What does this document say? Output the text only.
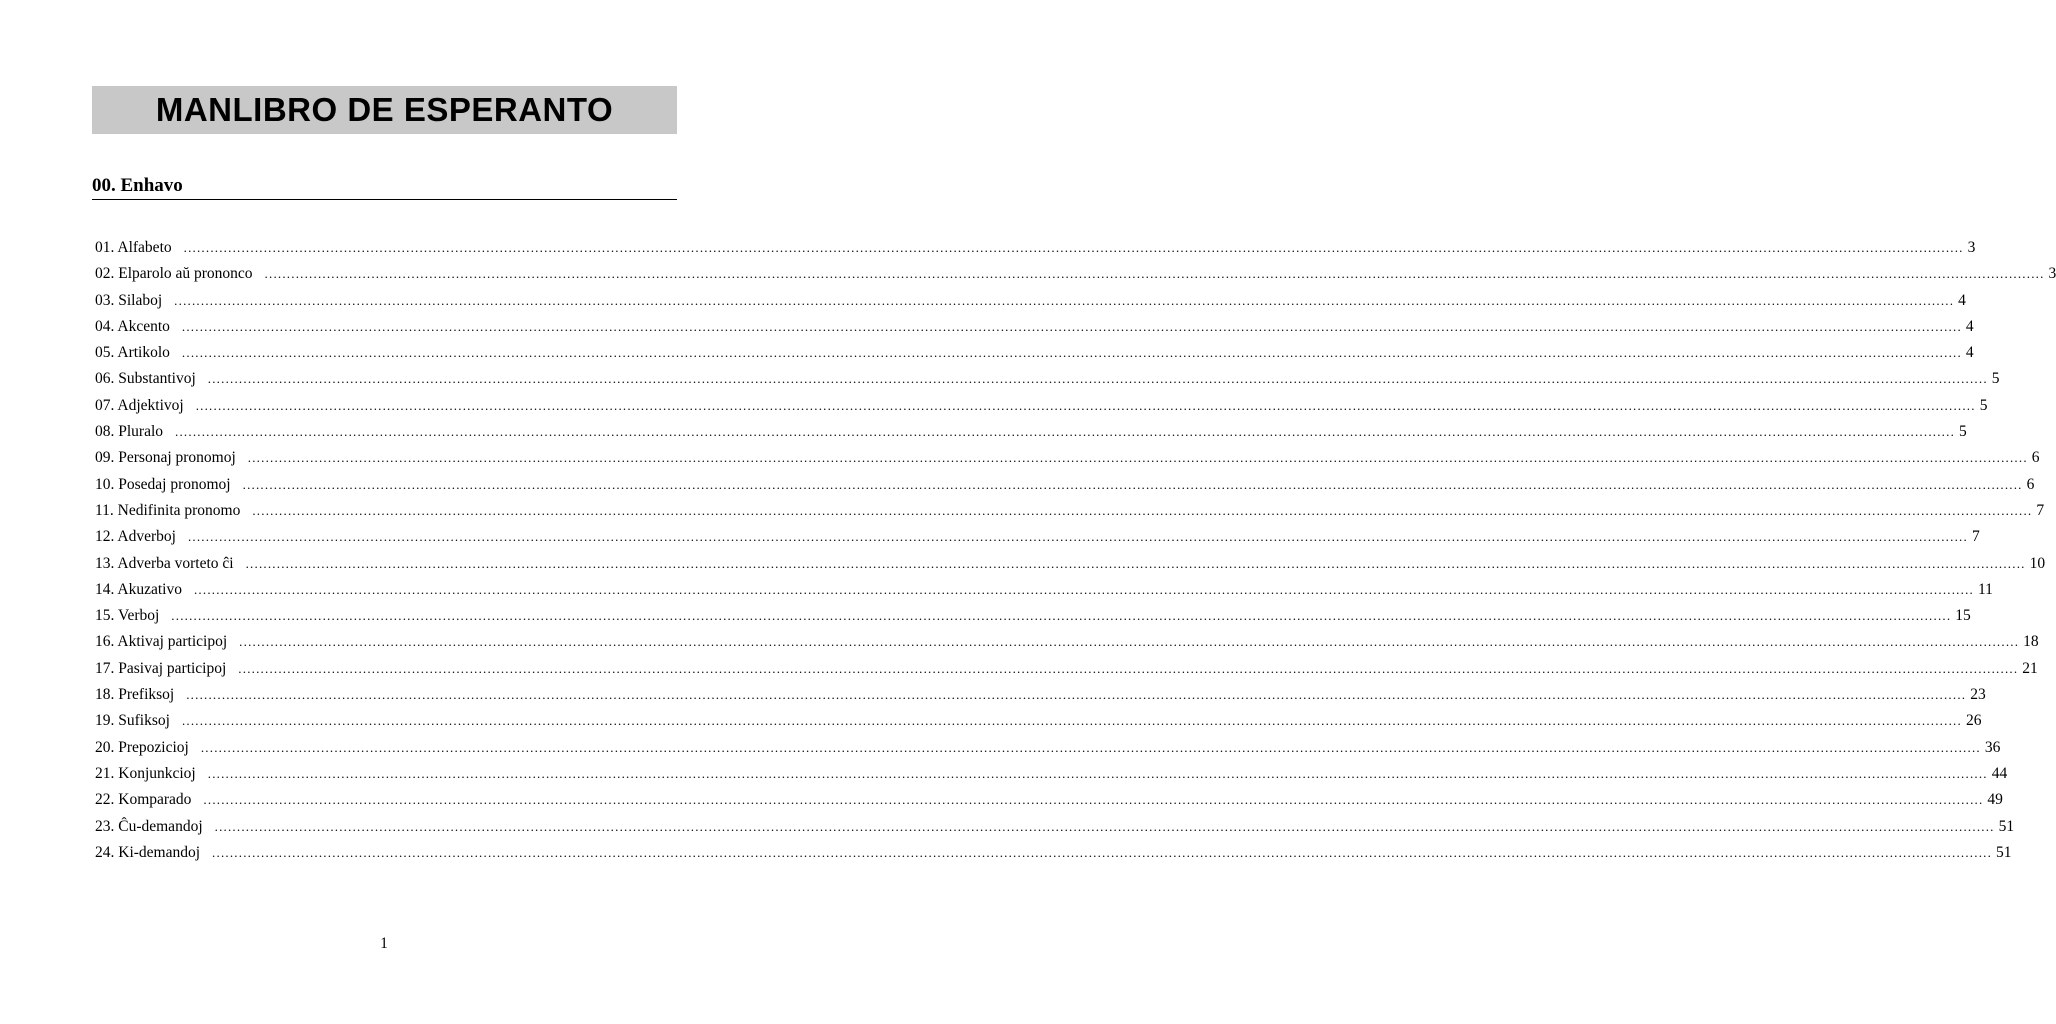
MANLIBRO DE ESPERANTO
00. Enhavo
01. Alfabeto ................................................................................................................................................................................................................................................................................................................................................................................................................ 3
02. Elparolo aŭ prononco ................................................................................................................................................................................................................................................................................................................................................................................................................ 3
03. Silaboj ................................................................................................................................................................................................................................................................................................................................................................................................................ 4
04. Akcento ................................................................................................................................................................................................................................................................................................................................................................................................................ 4
05. Artikolo ................................................................................................................................................................................................................................................................................................................................................................................................................ 4
06. Substantivoj ................................................................................................................................................................................................................................................................................................................................................................................................................ 5
07. Adjektivoj ................................................................................................................................................................................................................................................................................................................................................................................................................ 5
08. Pluralo ................................................................................................................................................................................................................................................................................................................................................................................................................ 5
09. Personaj pronomoj ................................................................................................................................................................................................................................................................................................................................................................................................................ 6
10. Posedaj pronomoj ................................................................................................................................................................................................................................................................................................................................................................................................................ 6
11. Nedifinita pronomo ................................................................................................................................................................................................................................................................................................................................................................................................................ 7
12. Adverboj ................................................................................................................................................................................................................................................................................................................................................................................................................ 7
13. Adverba vorteto ĉi ................................................................................................................................................................................................................................................................................................................................................................................................................ 10
14. Akuzativo ................................................................................................................................................................................................................................................................................................................................................................................................................ 11
15. Verboj ................................................................................................................................................................................................................................................................................................................................................................................................................ 15
16. Aktivaj participoj ................................................................................................................................................................................................................................................................................................................................................................................................................ 18
17. Pasivaj participoj ................................................................................................................................................................................................................................................................................................................................................................................................................ 21
18. Prefiksoj ................................................................................................................................................................................................................................................................................................................................................................................................................ 23
19. Sufiksoj ................................................................................................................................................................................................................................................................................................................................................................................................................ 26
20. Prepozicioj ................................................................................................................................................................................................................................................................................................................................................................................................................ 36
21. Konjunkcioj ................................................................................................................................................................................................................................................................................................................................................................................................................ 44
22. Komparado ................................................................................................................................................................................................................................................................................................................................................................................................................ 49
23. Ĉu-demandoj ................................................................................................................................................................................................................................................................................................................................................................................................................ 51
24. Ki-demandoj ................................................................................................................................................................................................................................................................................................................................................................................................................ 51
1
